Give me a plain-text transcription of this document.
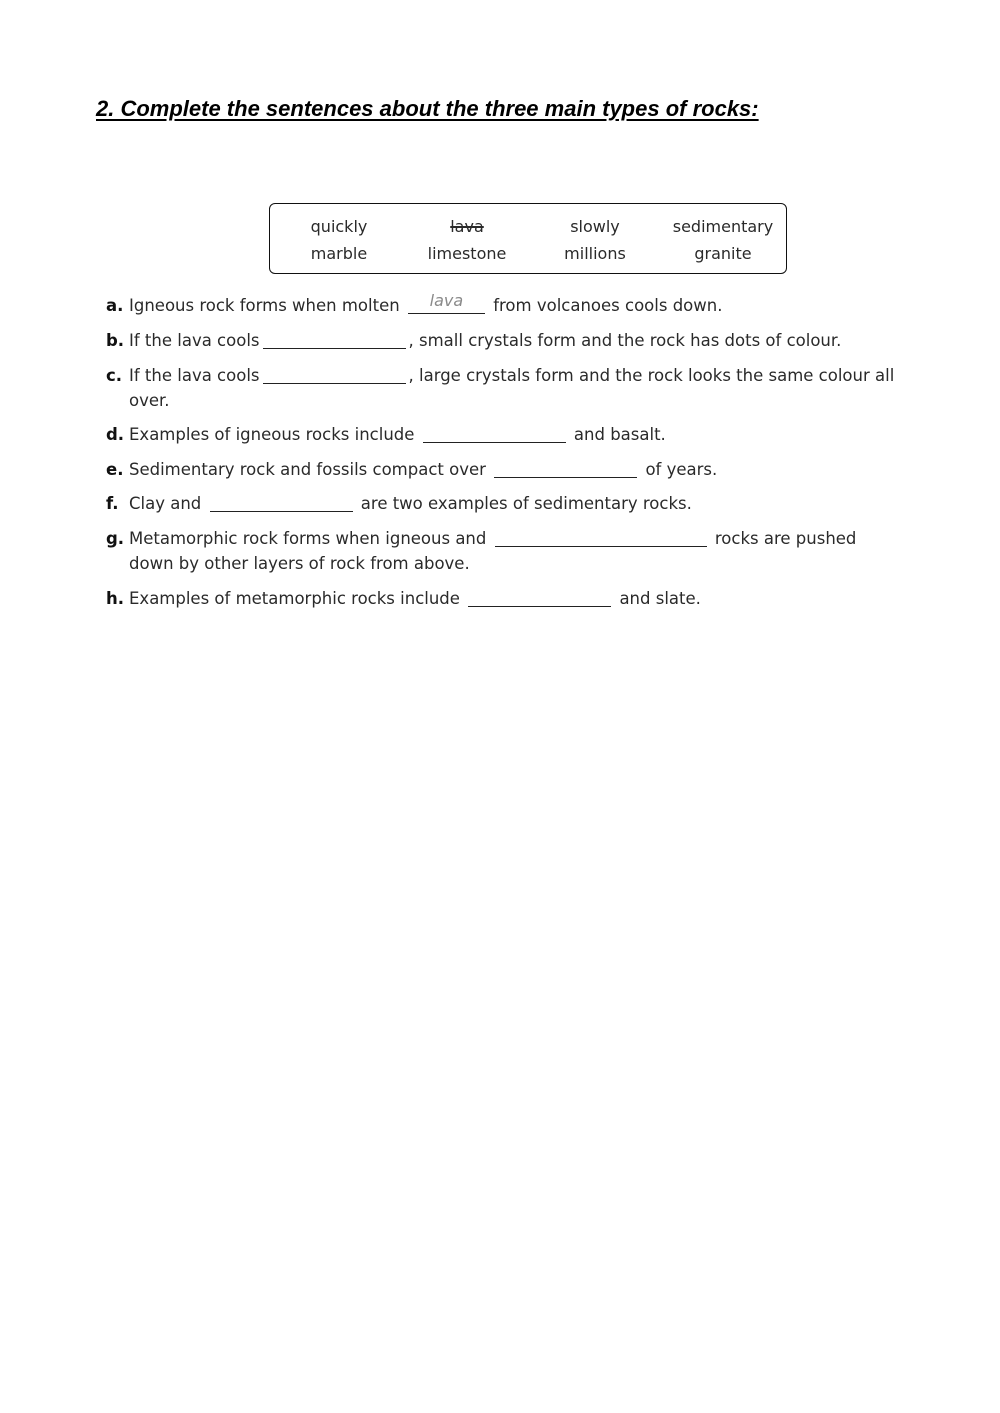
2. Complete the sentences about the three main types of rocks:
quickly	lava	slowly	sedimentary
marble	limestone	millions	granite
a. Igneous rock forms when molten	lava	from volcanoes cools down.
b. If the lava cools	, small crystals form and the rock has dots of colour.
c. If the lava cools	, large crystals form and the rock looks the same colour all over.
d. Examples of igneous rocks include	and basalt.
e. Sedimentary rock and fossils compact over	of years.
f. Clay and	are two examples of sedimentary rocks.
g. Metamorphic rock forms when igneous and	rocks are pushed down by other layers of rock from above.
h. Examples of metamorphic rocks include	and slate.
